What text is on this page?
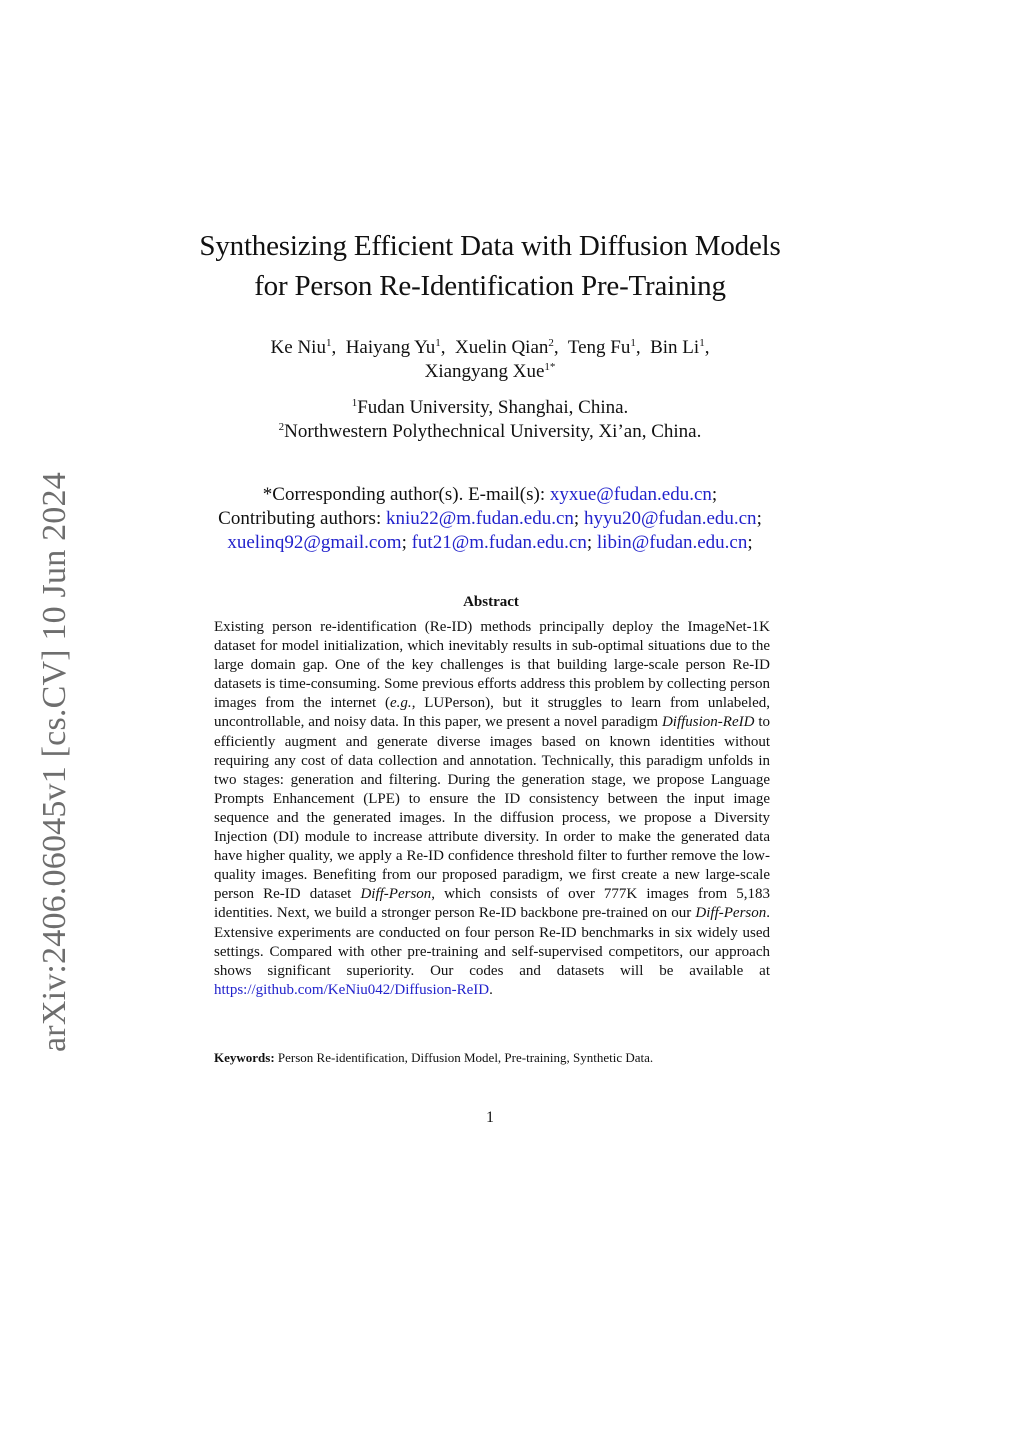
arXiv:2406.06045v1 [cs.CV] 10 Jun 2024
Synthesizing Efficient Data with Diffusion Models
for Person Re-Identification Pre-Training
Ke Niu$^1$,  Haiyang Yu$^1$,  Xuelin Qian$^2$,  Teng Fu$^1$,  Bin Li$^1$,
Xiangyang Xue$^{1*}$
$^1$Fudan University, Shanghai, China.
$^2$Northwestern Polythechnical University, Xi’an, China.
*Corresponding author(s). E-mail(s): xyxue@fudan.edu.cn;
Contributing authors: kniu22@m.fudan.edu.cn; hyyu20@fudan.edu.cn;
xuelinq92@gmail.com; fut21@m.fudan.edu.cn; libin@fudan.edu.cn;
Abstract
Existing person re-identification (Re-ID) methods principally deploy the ImageNet-1K dataset for model initialization, which inevitably results in sub-optimal situations due to the large domain gap. One of the key challenges is that building large-scale person Re-ID datasets is time-consuming. Some previous efforts address this problem by collecting person images from the internet (e.g., LUPerson), but it struggles to learn from unlabeled, uncontrollable, and noisy data. In this paper, we present a novel paradigm Diffusion-ReID to efficiently augment and generate diverse images based on known identities without requiring any cost of data collection and annotation. Technically, this paradigm unfolds in two stages: generation and filtering. During the generation stage, we propose Language Prompts Enhancement (LPE) to ensure the ID consistency between the input image sequence and the generated images. In the diffusion process, we propose a Diversity Injection (DI) module to increase attribute diversity. In order to make the generated data have higher quality, we apply a Re-ID confidence threshold filter to further remove the low-quality images. Benefiting from our proposed paradigm, we first create a new large-scale person Re-ID dataset Diff-Person, which consists of over 777K images from 5,183 identities. Next, we build a stronger person Re-ID backbone pre-trained on our Diff-Person. Extensive experiments are conducted on four person Re-ID benchmarks in six widely used settings. Compared with other pre-training and self-supervised competitors, our approach shows significant superiority. Our codes and datasets will be available at https://github.com/KeNiu042/Diffusion-ReID.
Keywords: Person Re-identification, Diffusion Model, Pre-training, Synthetic Data.
1
